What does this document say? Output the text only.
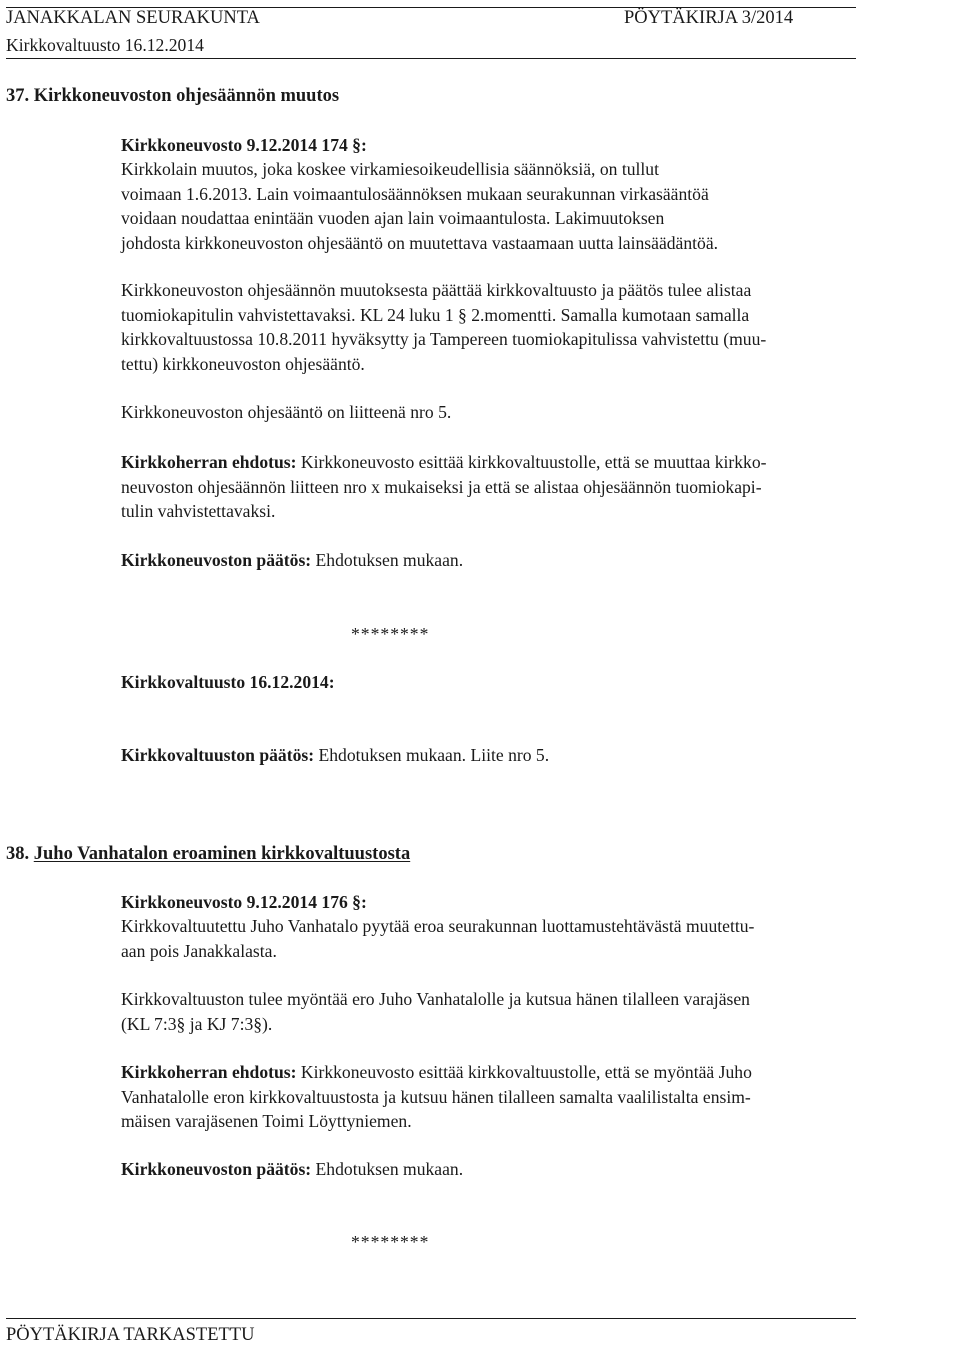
JANAKKALAN SEURAKUNTA	PÖYTÄKIRJA 3/2014
Kirkkovaltuusto 16.12.2014
37. Kirkkoneuvoston ohjesäännön muutos
Kirkkoneuvosto 9.12.2014 174 §:
Kirkkolain muutos, joka koskee virkamiesoikeudellisia säännöksiä, on tullut
voimaan 1.6.2013. Lain voimaantulosäännöksen mukaan seurakunnan virkasääntöä
voidaan noudattaa enintään vuoden ajan lain voimaantulosta. Lakimuutoksen
johdosta kirkkoneuvoston ohjesääntö on muutettava vastaamaan uutta lainsäädäntöä.
Kirkkoneuvoston ohjesäännön muutoksesta päättää kirkkovaltuusto ja päätös tulee alistaa
tuomiokapitulin vahvistettavaksi. KL 24 luku 1 § 2.momentti. Samalla kumotaan samalla
kirkkovaltuustossa 10.8.2011 hyväksytty ja Tampereen tuomiokapitulissa vahvistettu (muu-
tettu) kirkkoneuvoston ohjesääntö.
Kirkkoneuvoston ohjesääntö on liitteenä nro 5.
Kirkkoherran ehdotus: Kirkkoneuvosto esittää kirkkovaltuustolle, että se muuttaa kirkko-
neuvoston ohjesäännön liitteen nro x mukaiseksi ja että se alistaa ohjesäännön tuomiokapi-
tulin vahvistettavaksi.
Kirkkoneuvoston päätös: Ehdotuksen mukaan.
********
Kirkkovaltuusto 16.12.2014:
Kirkkovaltuuston päätös: Ehdotuksen mukaan. Liite nro 5.
38. Juho Vanhatalon eroaminen kirkkovaltuustosta
Kirkkoneuvosto 9.12.2014 176 §:
Kirkkovaltuutettu Juho Vanhatalo pyytää eroa seurakunnan luottamustehtävästä muutettu-
aan pois Janakkalasta.
Kirkkovaltuuston tulee myöntää ero Juho Vanhatalolle ja kutsua hänen tilalleen varajäsen
(KL 7:3§ ja KJ 7:3§).
Kirkkoherran ehdotus: Kirkkoneuvosto esittää kirkkovaltuustolle, että se myöntää Juho
Vanhatalolle eron kirkkovaltuustosta ja kutsuu hänen tilalleen samalta vaalilistalta ensim-
mäisen varajäsenen Toimi Löyttyniemen.
Kirkkoneuvoston päätös: Ehdotuksen mukaan.
********
PÖYTÄKIRJA TARKASTETTU
